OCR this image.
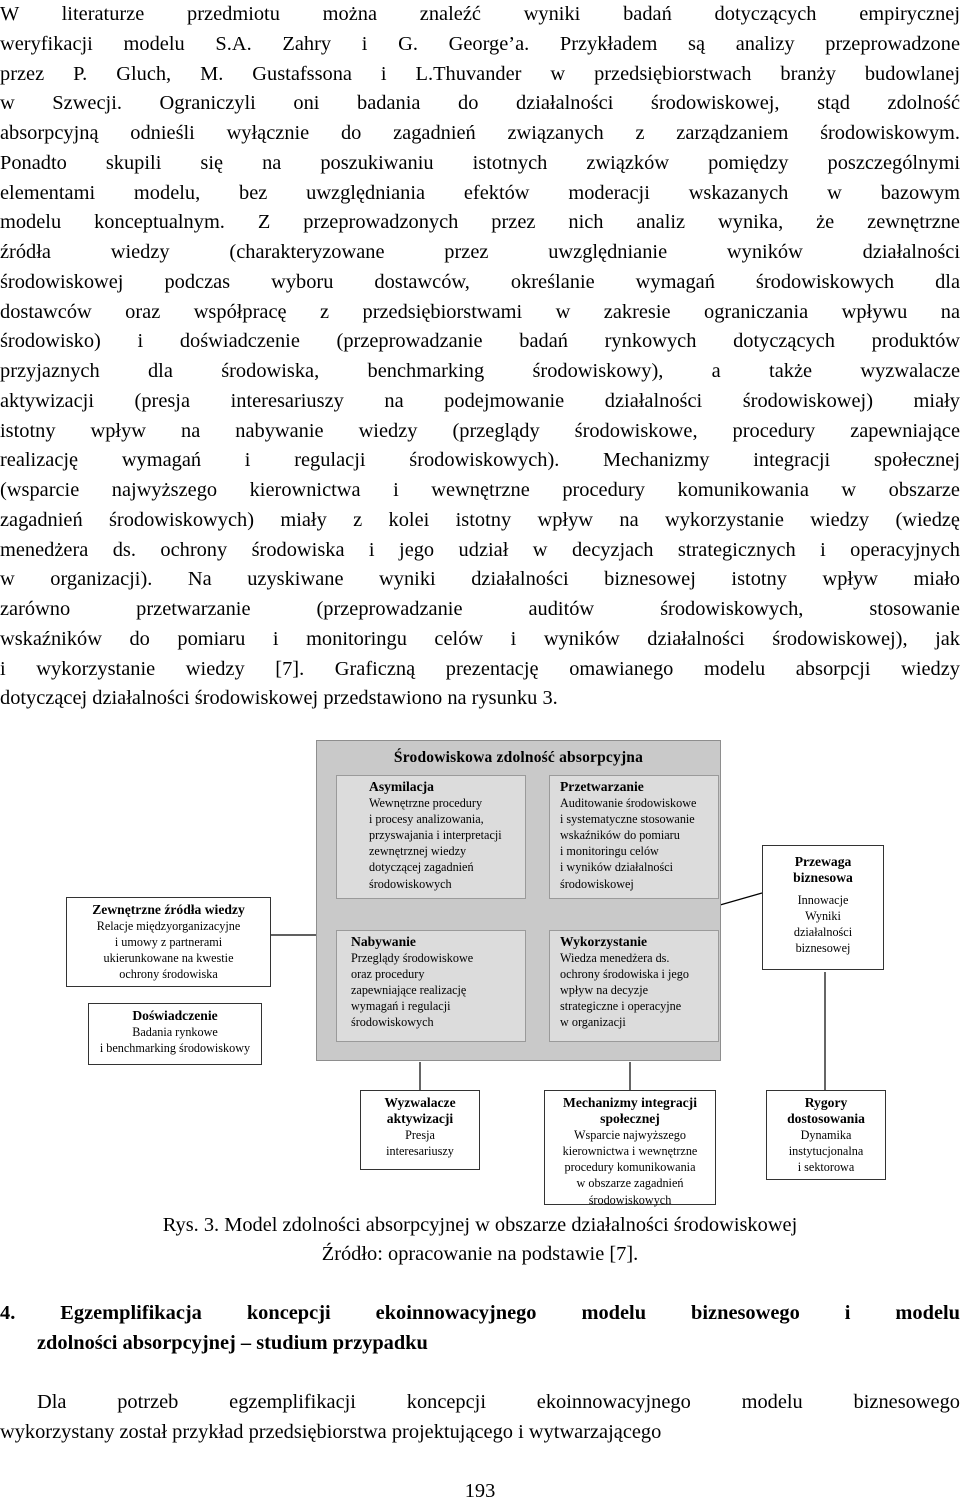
W literaturze przedmiotu można znaleźć wyniki badań dotyczących empirycznej
weryfikacji modelu S.A. Zahry i G. George’a. Przykładem są analizy przeprowadzone
przez P. Gluch, M. Gustafssona i L.Thuvander w przedsiębiorstwach branży budowlanej
w Szwecji. Ograniczyli oni badania do działalności środowiskowej, stąd zdolność
absorpcyjną odnieśli wyłącznie do zagadnień związanych z zarządzaniem środowiskowym.
Ponadto skupili się na poszukiwaniu istotnych związków pomiędzy poszczególnymi
elementami modelu, bez uwzględniania efektów moderacji wskazanych w bazowym
modelu konceptualnym. Z przeprowadzonych przez nich analiz wynika, że zewnętrzne
źródła wiedzy (charakteryzowane przez uwzględnianie wyników działalności
środowiskowej podczas wyboru dostawców, określanie wymagań środowiskowych dla
dostawców oraz współpracę z przedsiębiorstwami w zakresie ograniczania wpływu na
środowisko) i doświadczenie (przeprowadzanie badań rynkowych dotyczących produktów
przyjaznych dla środowiska, benchmarking środowiskowy), a także wyzwalacze
aktywizacji (presja interesariuszy na podejmowanie działalności środowiskowej) miały
istotny wpływ na nabywanie wiedzy (przeglądy środowiskowe, procedury zapewniające
realizację wymagań i regulacji środowiskowych). Mechanizmy integracji społecznej
(wsparcie najwyższego kierownictwa i wewnętrzne procedury komunikowania w obszarze
zagadnień środowiskowych) miały z kolei istotny wpływ na wykorzystanie wiedzy (wiedzę
menedżera ds. ochrony środowiska i jego udział w decyzjach strategicznych i operacyjnych
w organizacji). Na uzyskiwane wyniki działalności biznesowej istotny wpływ miało
zarówno przetwarzanie (przeprowadzanie auditów środowiskowych, stosowanie
wskaźników do pomiaru i monitoringu celów i wyników działalności środowiskowej), jak
i wykorzystanie wiedzy [7]. Graficzną prezentację omawianego modelu absorpcji wiedzy
dotyczącej działalności środowiskowej przedstawiono na rysunku 3.
Środowiskowa zdolność absorpcyjna
Asymilacja
Wewnętrzne procedury
i procesy analizowania,
przyswajania i interpretacji
zewnętrznej wiedzy
dotyczącej zagadnień
środowiskowych
Przetwarzanie
Auditowanie środowiskowe
i systematyczne stosowanie
wskaźników do pomiaru
i monitoringu celów
i wyników działalności
środowiskowej
Nabywanie
Przeglądy środowiskowe
oraz procedury
zapewniające realizację
wymagań i regulacji
środowiskowych
Wykorzystanie
Wiedza menedżera ds.
ochrony środowiska i jego
wpływ na decyzje
strategiczne i operacyjne
w organizacji
Zewnętrzne źródła wiedzy
Relacje międzyorganizacyjne
i umowy z partnerami
ukierunkowane na kwestie
ochrony środowiska
Doświadczenie
Badania rynkowe
i benchmarking środowiskowy
Przewaga
biznesowa
Innowacje
Wyniki
działalności
biznesowej
Wyzwalacze
aktywizacji
Presja
interesariuszy
Mechanizmy integracji
społecznej
Wsparcie najwyższego
kierownictwa i wewnętrzne
procedury komunikowania
w obszarze zagadnień
środowiskowych
Rygory
dostosowania
Dynamika
instytucjonalna
i sektorowa
Rys. 3. Model zdolności absorpcyjnej w obszarze działalności środowiskowej
Źródło: opracowanie na podstawie [7].
4. Egzemplifikacja koncepcji ekoinnowacyjnego modelu biznesowego i modelu
zdolności absorpcyjnej – studium przypadku
Dla potrzeb egzemplifikacji koncepcji ekoinnowacyjnego modelu biznesowego
wykorzystany został przykład przedsiębiorstwa projektującego i wytwarzającego
193
